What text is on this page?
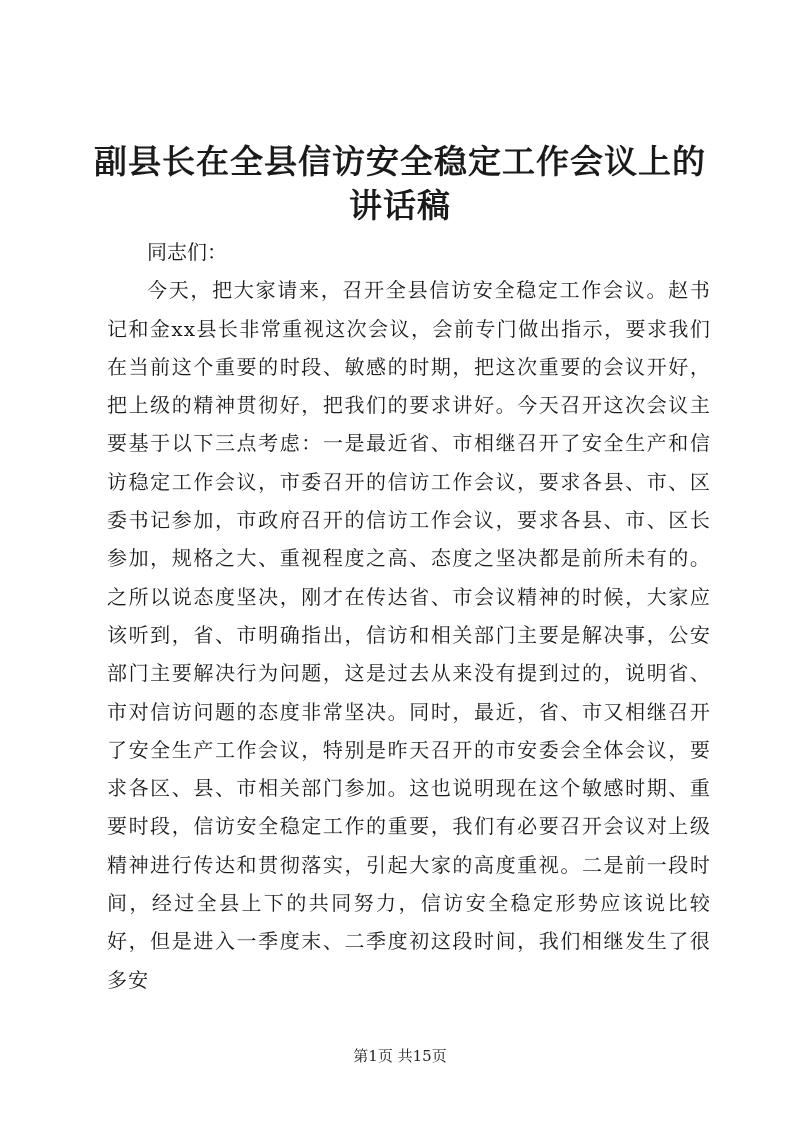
副县长在全县信访安全稳定工作会议上的讲话稿

同志们：

今天，把大家请来，召开全县信访安全稳定工作会议。赵书记和金xx县长非常重视这次会议，会前专门做出指示，要求我们在当前这个重要的时段、敏感的时期，把这次重要的会议开好，把上级的精神贯彻好，把我们的要求讲好。今天召开这次会议主要基于以下三点考虑：一是最近省、市相继召开了安全生产和信访稳定工作会议，市委召开的信访工作会议，要求各县、市、区委书记参加，市政府召开的信访工作会议，要求各县、市、区长参加，规格之大、重视程度之高、态度之坚决都是前所未有的。之所以说态度坚决，刚才在传达省、市会议精神的时候，大家应该听到，省、市明确指出，信访和相关部门主要是解决事，公安部门主要解决行为问题，这是过去从来没有提到过的，说明省、市对信访问题的态度非常坚决。同时，最近，省、市又相继召开了安全生产工作会议，特别是昨天召开的市安委会全体会议，要求各区、县、市相关部门参加。这也说明现在这个敏感时期、重要时段，信访安全稳定工作的重要，我们有必要召开会议对上级精神进行传达和贯彻落实，引起大家的高度重视。二是前一段时间，经过全县上下的共同努力，信访安全稳定形势应该说比较好，但是进入一季度末、二季度初这段时间，我们相继发生了很多安

第1页 共15页
